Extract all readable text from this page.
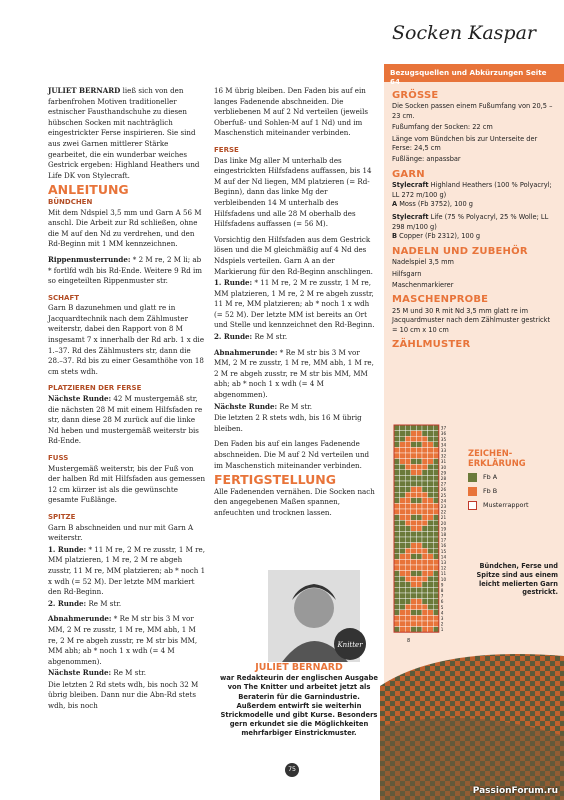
Socken Kaspar
Bezugsquellen und Abkürzungen Seite 64
GRÖSSE
Die Socken passen einem Fußumfang von 20,5 – 23 cm.
Fußumfang der Socken: 22 cm
Länge vom Bündchen bis zur Unterseite der Ferse: 24,5 cm
Fußlänge: anpassbar
GARN
Stylecraft Highland Heathers (100 % Polyacryl; LL 272 m/100 g)
A Moss (Fb 3752), 100 g
Stylecraft Life (75 % Polyacryl, 25 % Wolle; LL 298 m/100 g)
B Copper (Fb 2312), 100 g
NADELN UND ZUBEHÖR
Nadelspiel 3,5 mm
Hilfsgarn
Maschenmarkierer
MASCHENPROBE
25 M und 30 R mit Nd 3,5 mm glatt re im Jacquardmuster nach dem Zählmuster gestrickt = 10 cm x 10 cm
ZÄHLMUSTER
37
36
35
34
33
32
31
30
29
28
27
26
25
24
23
22
21
20
19
18
17
16
15
14
13
12
11
10
9
8
7
6
5
4
3
2
1
8
ZEICHEN-ERKLÄRUNG
Fb A
Fb B
Musterrapport
Bündchen, Ferse und Spitze sind aus einem leicht melierten Garn gestrickt.
Knitter
JULIET BERNARD
war Redakteurin der englischen Ausgabe von The Knitter und arbeitet jetzt als Beraterin für die Garnindustrie. Außerdem entwirft sie weiterhin Strickmodelle und gibt Kurse. Besonders gern erkundet sie die Möglichkeiten mehrfarbiger Einstrickmuster.

JULIET BERNARD ließ sich von den farbenfrohen Motiven traditioneller estnischer Fausthandschuhe zu diesen hübschen Socken mit nachträglich eingestrickter Ferse inspirieren. Sie sind aus zwei Garnen mittlerer Stärke gearbeitet, die ein wunderbar weiches Gestrick ergeben: Highland Heathers und Life DK von Stylecraft.

ANLEITUNG
BÜNDCHEN

Mit dem Ndspiel 3,5 mm und Garn A 56 M anschl. Die Arbeit zur Rd schließen, ohne die M auf den Nd zu verdrehen, und den Rd-Beginn mit 1 MM kennzeichnen.

Rippenmusterrunde: * 2 M re, 2 M li; ab * fortlfd wdh bis Rd-Ende. Weitere 9 Rd im so eingeteilten Rippenmuster str.

SCHAFT

Garn B dazunehmen und glatt re in Jacquardtechnik nach dem Zählmuster weiterstr, dabei den Rapport von 8 M insgesamt 7 x innerhalb der Rd arb. 1 x die 1.–37. Rd des Zählmusters str, dann die 28.–37. Rd bis zu einer Gesamthöhe von 18 cm stets wdh.

PLATZIEREN DER FERSE

Nächste Runde: 42 M mustergemäß str, die nächsten 28 M mit einem Hilfsfaden re str, dann diese 28 M zurück auf die linke Nd heben und mustergemäß weiterstr bis Rd-Ende.

FUSS

Mustergemäß weiterstr, bis der Fuß von der halben Rd mit Hilfsfaden aus gemessen 12 cm kürzer ist als die gewünschte gesamte Fußlänge.

SPITZE

Garn B abschneiden und nur mit Garn A weiterstr.

1. Runde: * 11 M re, 2 M re zusstr, 1 M re, MM platzieren, 1 M re, 2 M re abgeh zusstr, 11 M re, MM platzieren; ab * noch 1 x wdh (= 52 M). Der letzte MM markiert den Rd-Beginn.

2. Runde: Re M str.

Abnahmerunde: * Re M str bis 3 M vor MM, 2 M re zusstr, 1 M re, MM abh, 1 M re, 2 M re abgeh zusstr, re M str bis MM, MM abh; ab * noch 1 x wdh (= 4 M abgenommen).

Nächste Runde: Re M str.

Die letzten 2 Rd stets wdh, bis noch 32 M übrig bleiben. Dann nur die Abn-Rd stets wdh, bis noch

16 M übrig bleiben. Den Faden bis auf ein langes Fadenende abschneiden. Die verbliebenen M auf 2 Nd verteilen (jeweils Oberfuß- und Sohlen-M auf 1 Nd) und im Maschenstich miteinander verbinden.

FERSE

Das linke Mg aller M unterhalb des eingestrickten Hilfsfadens auffassen, bis 14 M auf der Nd liegen, MM platzieren (= Rd-Beginn), dann das linke Mg der verbleibenden 14 M unterhalb des Hilfsfadens und alle 28 M oberhalb des Hilfsfadens auffassen (= 56 M).

Vorsichtig den Hilfsfaden aus dem Gestrick lösen und die M gleichmäßig auf 4 Nd des Ndspiels verteilen. Garn A an der Markierung für den Rd-Beginn anschlingen.

1. Runde: * 11 M re, 2 M re zusstr, 1 M re, MM platzieren, 1 M re, 2 M re abgeh zusstr, 11 M re, MM platzieren; ab * noch 1 x wdh (= 52 M). Der letzte MM ist bereits an Ort und Stelle und kennzeichnet den Rd-Beginn.

2. Runde: Re M str.

Abnahmerunde: * Re M str bis 3 M vor MM, 2 M re zusstr, 1 M re, MM abh, 1 M re, 2 M re abgeh zusstr, re M str bis MM, MM abh; ab * noch 1 x wdh (= 4 M abgenommen).

Nächste Runde: Re M str.

Die letzten 2 R stets wdh, bis 16 M übrig bleiben.

Den Faden bis auf ein langes Fadenende abschneiden. Die M auf 2 Nd verteilen und im Maschenstich miteinander verbinden.

FERTIGSTELLUNG

Alle Fadenenden vernähen. Die Socken nach den angegebenen Maßen spannen, anfeuchten und trocknen lassen.

75
PassionForum.ru
